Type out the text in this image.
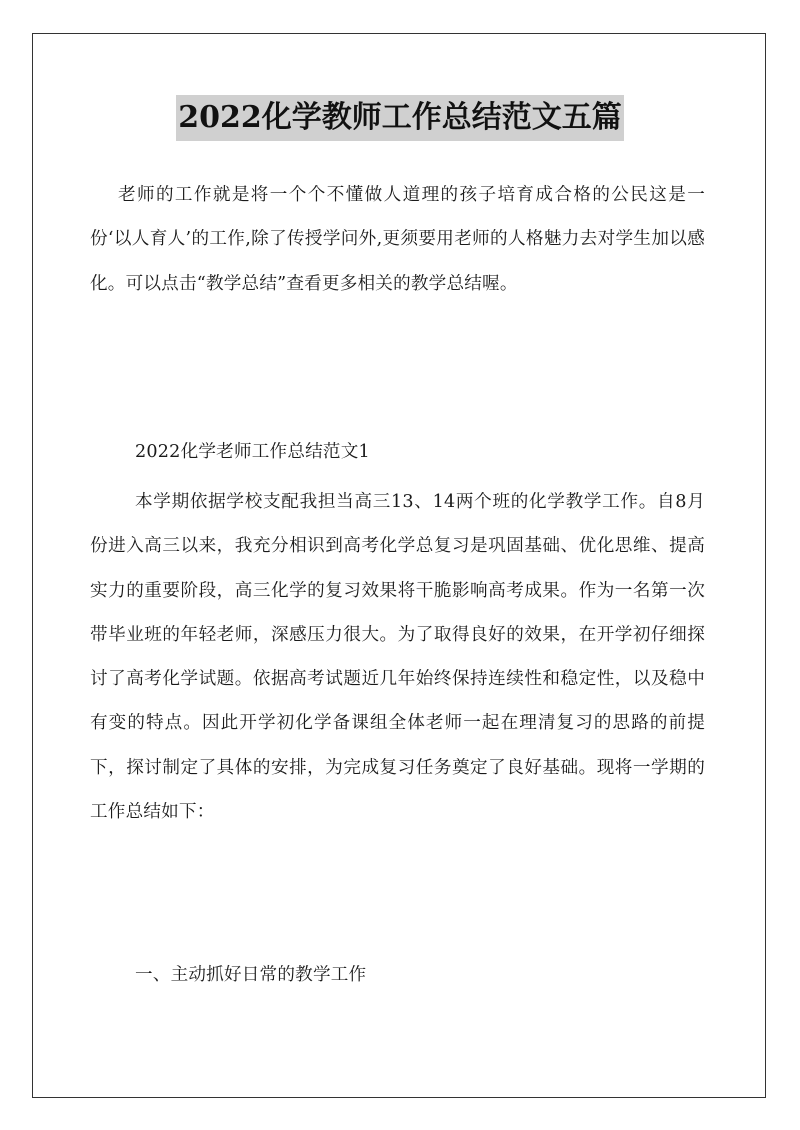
2022化学教师工作总结范文五篇

老师的工作就是将一个个不懂做人道理的孩子培育成合格的公民这是一份‘以人育人’的工作,除了传授学问外,更须要用老师的人格魅力去对学生加以感化。可以点击“教学总结”查看更多相关的教学总结喔。

2022化学老师工作总结范文1

本学期依据学校支配我担当高三13、14两个班的化学教学工作。自8月份进入高三以来，我充分相识到高考化学总复习是巩固基础、优化思维、提高实力的重要阶段，高三化学的复习效果将干脆影响高考成果。作为一名第一次带毕业班的年轻老师，深感压力很大。为了取得良好的效果，在开学初仔细探讨了高考化学试题。依据高考试题近几年始终保持连续性和稳定性，以及稳中有变的特点。因此开学初化学备课组全体老师一起在理清复习的思路的前提下，探讨制定了具体的安排，为完成复习任务奠定了良好基础。现将一学期的工作总结如下：

一、主动抓好日常的教学工作
